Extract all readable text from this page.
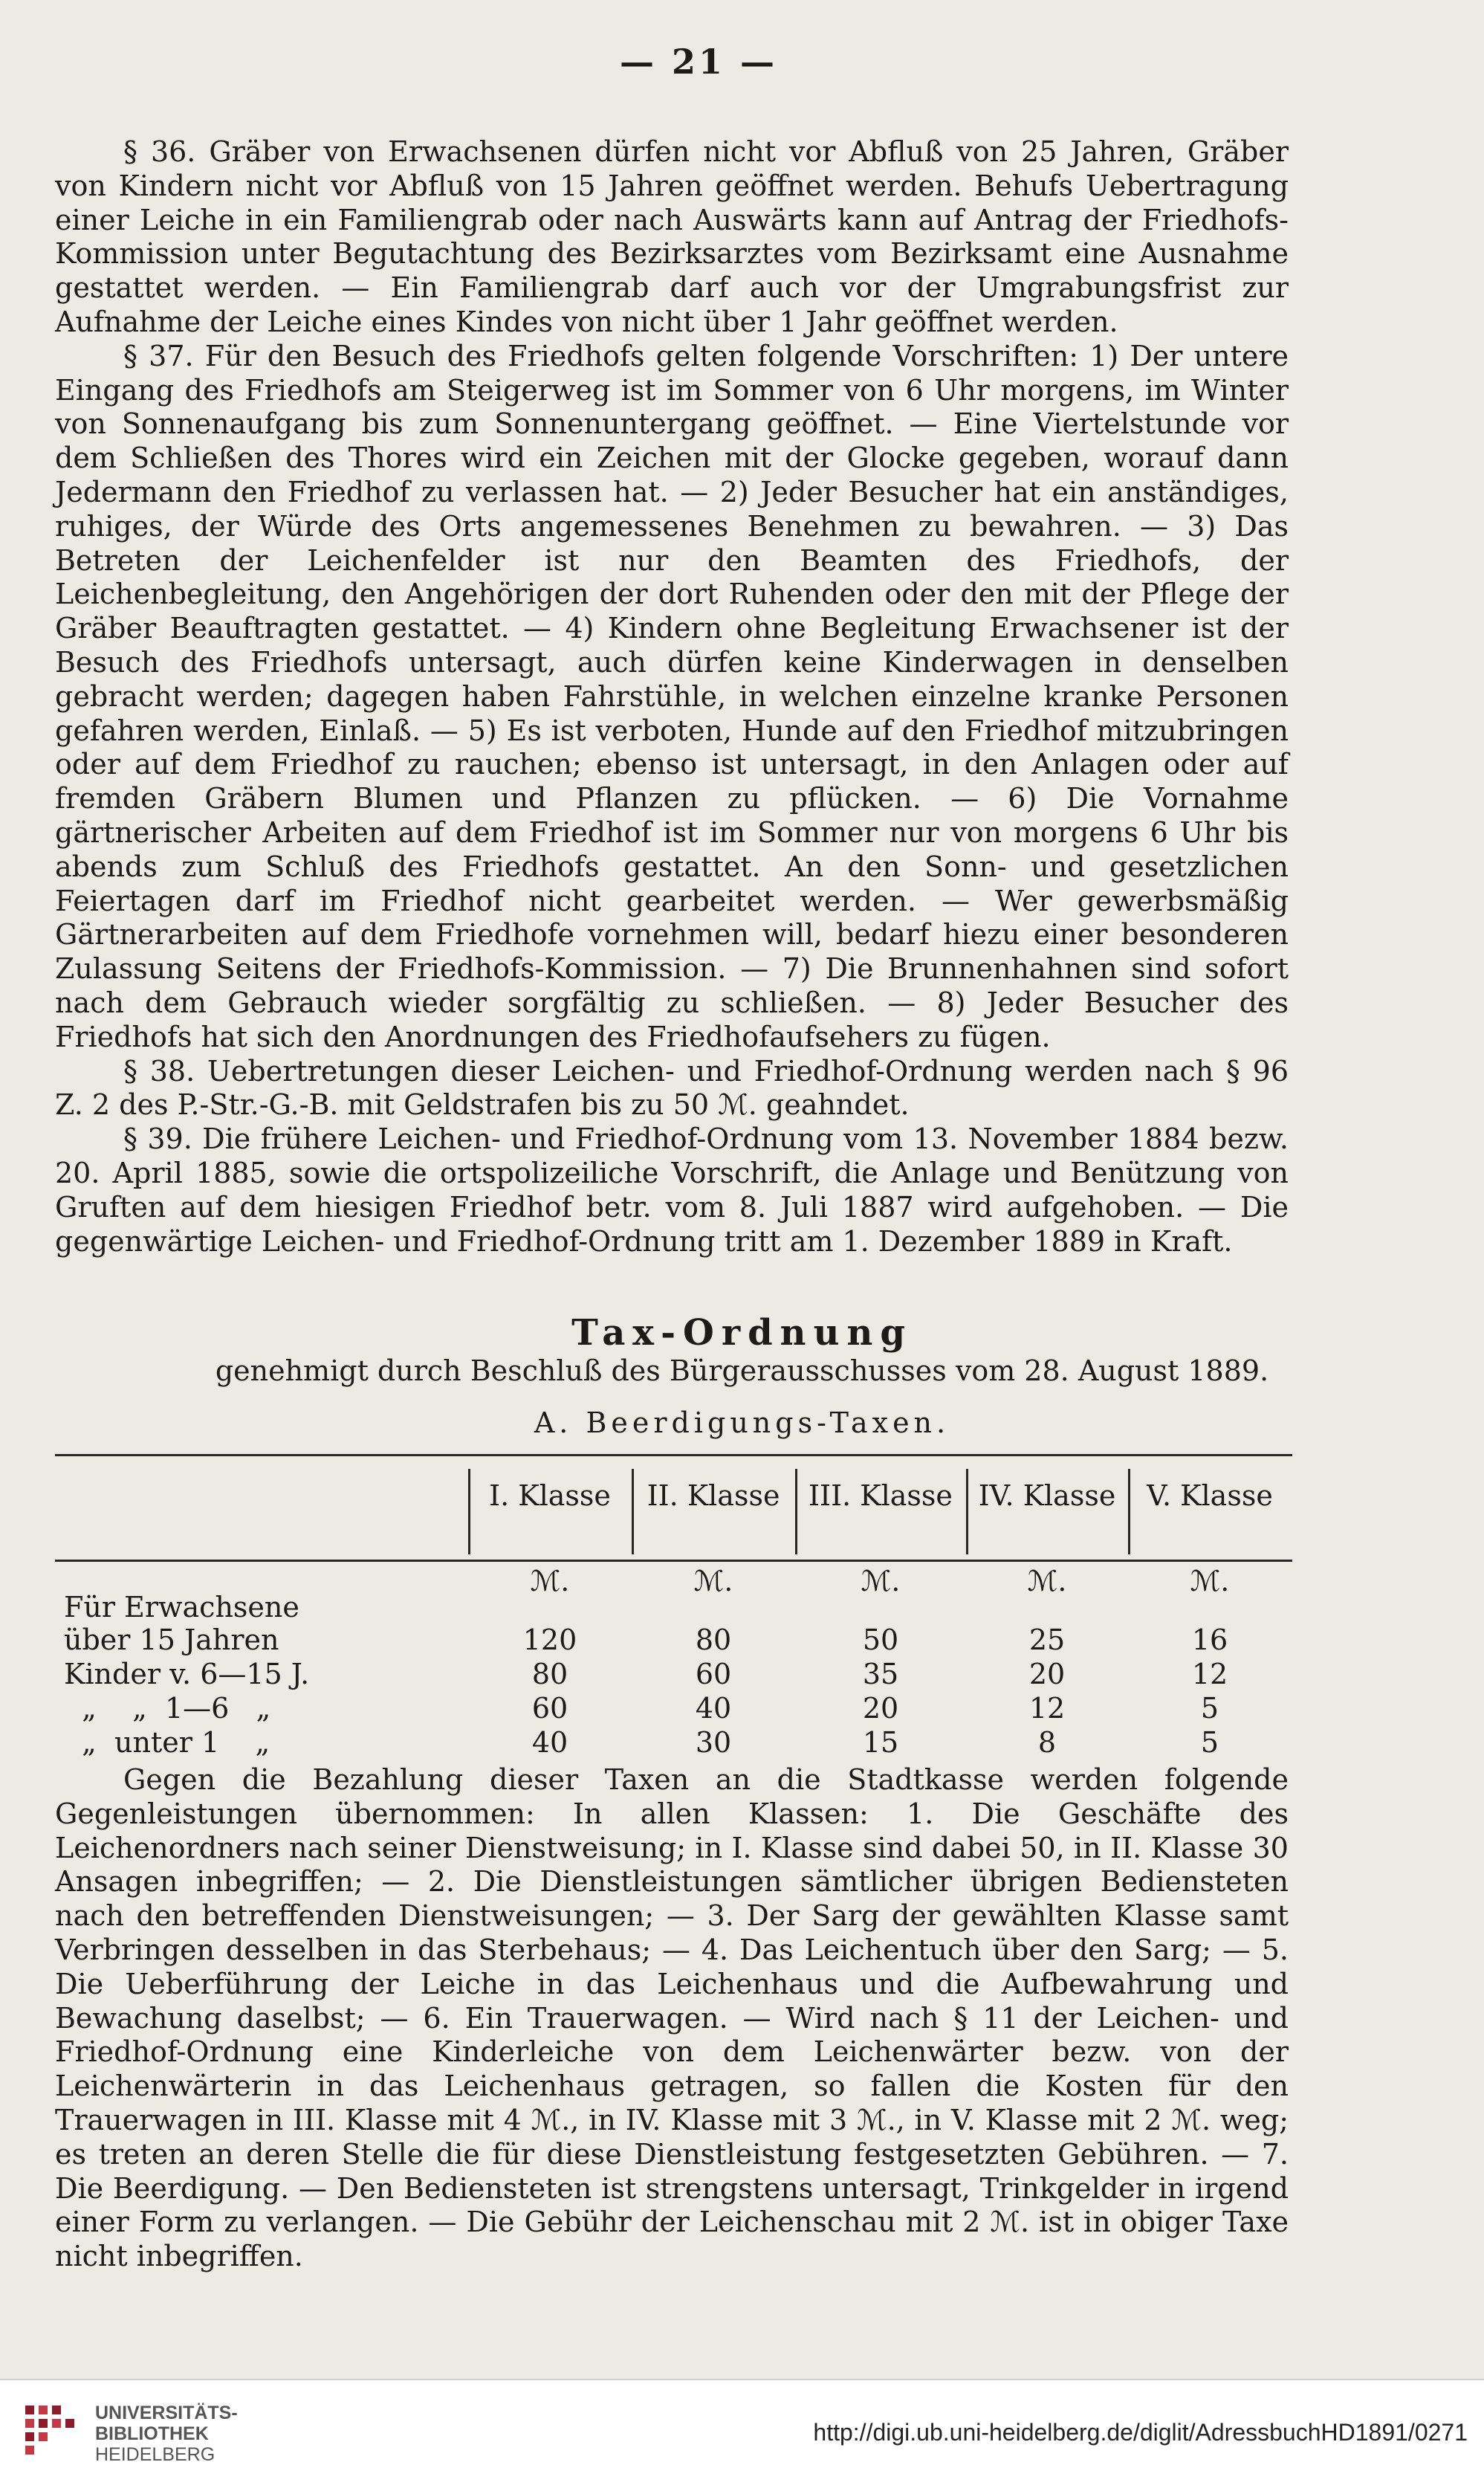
— 21 —

§ 36. Gräber von Erwachsenen dürfen nicht vor Abfluß von 25 Jahren, Gräber von Kindern nicht vor Abfluß von 15 Jahren geöffnet werden. Behufs Uebertragung einer Leiche in ein Familiengrab oder nach Auswärts kann auf Antrag der Friedhofs-Kommission unter Begutachtung des Bezirksarztes vom Bezirksamt eine Ausnahme gestattet werden. — Ein Familiengrab darf auch vor der Umgrabungsfrist zur Aufnahme der Leiche eines Kindes von nicht über 1 Jahr geöffnet werden.

§ 37. Für den Besuch des Friedhofs gelten folgende Vorschriften: 1) Der untere Eingang des Friedhofs am Steigerweg ist im Sommer von 6 Uhr morgens, im Winter von Sonnenaufgang bis zum Sonnenuntergang geöffnet. — Eine Viertelstunde vor dem Schließen des Thores wird ein Zeichen mit der Glocke gegeben, worauf dann Jedermann den Friedhof zu verlassen hat. — 2) Jeder Besucher hat ein anständiges, ruhiges, der Würde des Orts angemessenes Benehmen zu bewahren. — 3) Das Betreten der Leichenfelder ist nur den Beamten des Friedhofs, der Leichenbegleitung, den Angehörigen der dort Ruhenden oder den mit der Pflege der Gräber Beauftragten gestattet. — 4) Kindern ohne Begleitung Erwachsener ist der Besuch des Friedhofs untersagt, auch dürfen keine Kinderwagen in denselben gebracht werden; dagegen haben Fahrstühle, in welchen einzelne kranke Personen gefahren werden, Einlaß. — 5) Es ist verboten, Hunde auf den Friedhof mitzubringen oder auf dem Friedhof zu rauchen; ebenso ist untersagt, in den Anlagen oder auf fremden Gräbern Blumen und Pflanzen zu pflücken. — 6) Die Vornahme gärtnerischer Arbeiten auf dem Friedhof ist im Sommer nur von morgens 6 Uhr bis abends zum Schluß des Friedhofs gestattet. An den Sonn- und gesetzlichen Feiertagen darf im Friedhof nicht gearbeitet werden. — Wer gewerbsmäßig Gärtnerarbeiten auf dem Friedhofe vornehmen will, bedarf hiezu einer besonderen Zulassung Seitens der Friedhofs-Kommission. — 7) Die Brunnenhahnen sind sofort nach dem Gebrauch wieder sorgfältig zu schließen. — 8) Jeder Besucher des Friedhofs hat sich den Anordnungen des Friedhofaufsehers zu fügen.

§ 38. Uebertretungen dieser Leichen- und Friedhof-Ordnung werden nach § 96 Z. 2 des P.-Str.-G.-B. mit Geldstrafen bis zu 50 ℳ. geahndet.

§ 39. Die frühere Leichen- und Friedhof-Ordnung vom 13. November 1884 bezw. 20. April 1885, sowie die ortspolizeiliche Vorschrift, die Anlage und Benützung von Gruften auf dem hiesigen Friedhof betr. vom 8. Juli 1887 wird aufgehoben. — Die gegenwärtige Leichen- und Friedhof-Ordnung tritt am 1. Dezember 1889 in Kraft.

Tax-Ordnung
genehmigt durch Beschluß des Bürgerausschusses vom 28. August 1889.
A. Beerdigungs-Taxen.
I. Klasse	II. Klasse	III. Klasse IV. Klasse	V. Klasse
ℳ.	ℳ.	ℳ.	ℳ.	ℳ.
Für Erwachsene
über 15 Jahren	120	80	50	25	16
Kinder v. 6—15 J.	80	60	35	20	12
„    „  1—6   „	60	40	20	12	5
„  unter 1    „	40	30	15	8	5

Gegen die Bezahlung dieser Taxen an die Stadtkasse werden folgende Gegenleistungen übernommen: In allen Klassen: 1. Die Geschäfte des Leichenordners nach seiner Dienstweisung; in I. Klasse sind dabei 50, in II. Klasse 30 Ansagen inbegriffen; — 2. Die Dienstleistungen sämtlicher übrigen Bediensteten nach den betreffenden Dienstweisungen; — 3. Der Sarg der gewählten Klasse samt Verbringen desselben in das Sterbehaus; — 4. Das Leichentuch über den Sarg; — 5. Die Ueberführung der Leiche in das Leichenhaus und die Aufbewahrung und Bewachung daselbst; — 6. Ein Trauerwagen. — Wird nach § 11 der Leichen- und Friedhof-Ordnung eine Kinderleiche von dem Leichenwärter bezw. von der Leichenwärterin in das Leichenhaus getragen, so fallen die Kosten für den Trauerwagen in III. Klasse mit 4 ℳ., in IV. Klasse mit 3 ℳ., in V. Klasse mit 2 ℳ. weg; es treten an deren Stelle die für diese Dienstleistung festgesetzten Gebühren. — 7. Die Beerdigung. — Den Bediensteten ist strengstens untersagt, Trinkgelder in irgend einer Form zu verlangen. — Die Gebühr der Leichenschau mit 2 ℳ. ist in obiger Taxe nicht inbegriffen.

UNIVERSITÄTS-
BIBLIOTHEK
HEIDELBERG
http://digi.ub.uni-heidelberg.de/diglit/AdressbuchHD1891/0271
